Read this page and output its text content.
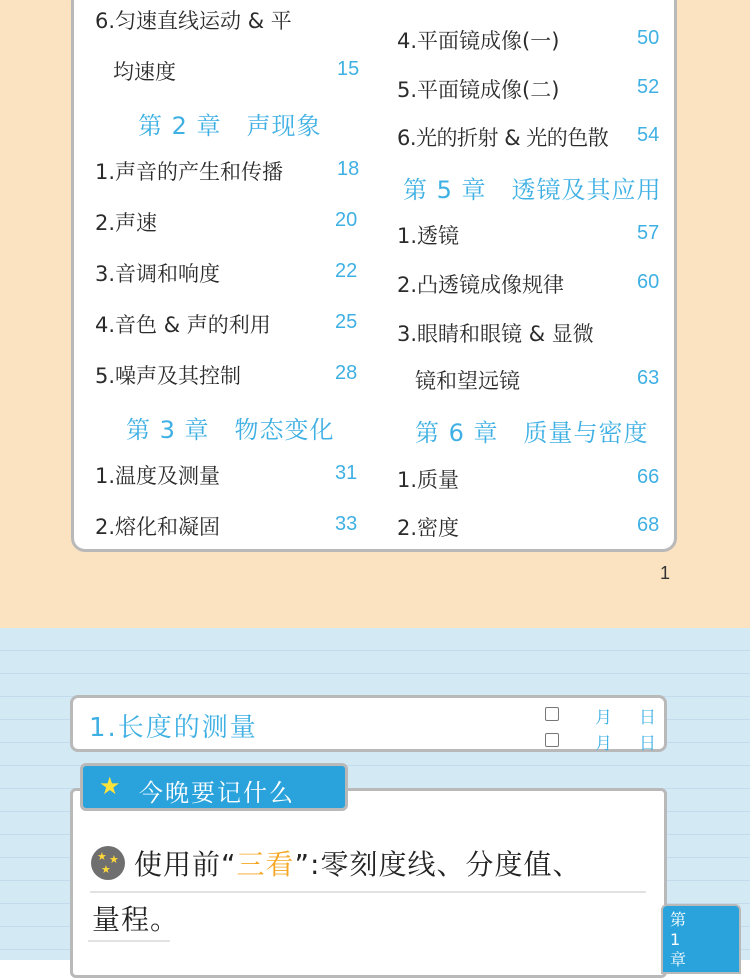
6.匀速直线运动 & 平
均速度	15
第 2 章　声现象
1.声音的产生和传播	18
2.声速	20
3.音调和响度	22
4.音色 & 声的利用	25
5.噪声及其控制	28
第 3 章　物态变化
1.温度及测量	31
2.熔化和凝固	33
4.平面镜成像(一)	50
5.平面镜成像(二)	52
6.光的折射 & 光的色散 54
第 5 章　透镜及其应用
1.透镜	57
2.凸透镜成像规律	60
3.眼睛和眼镜 & 显微
镜和望远镜	63
第 6 章　质量与密度
1.质量	66
2.密度	68
1
1.长度的测量	月 日
月 日
★ 今晚要记什么
★ ★
★ 使用前“三看”:零刻度线、分度值、
量程。	第1章
